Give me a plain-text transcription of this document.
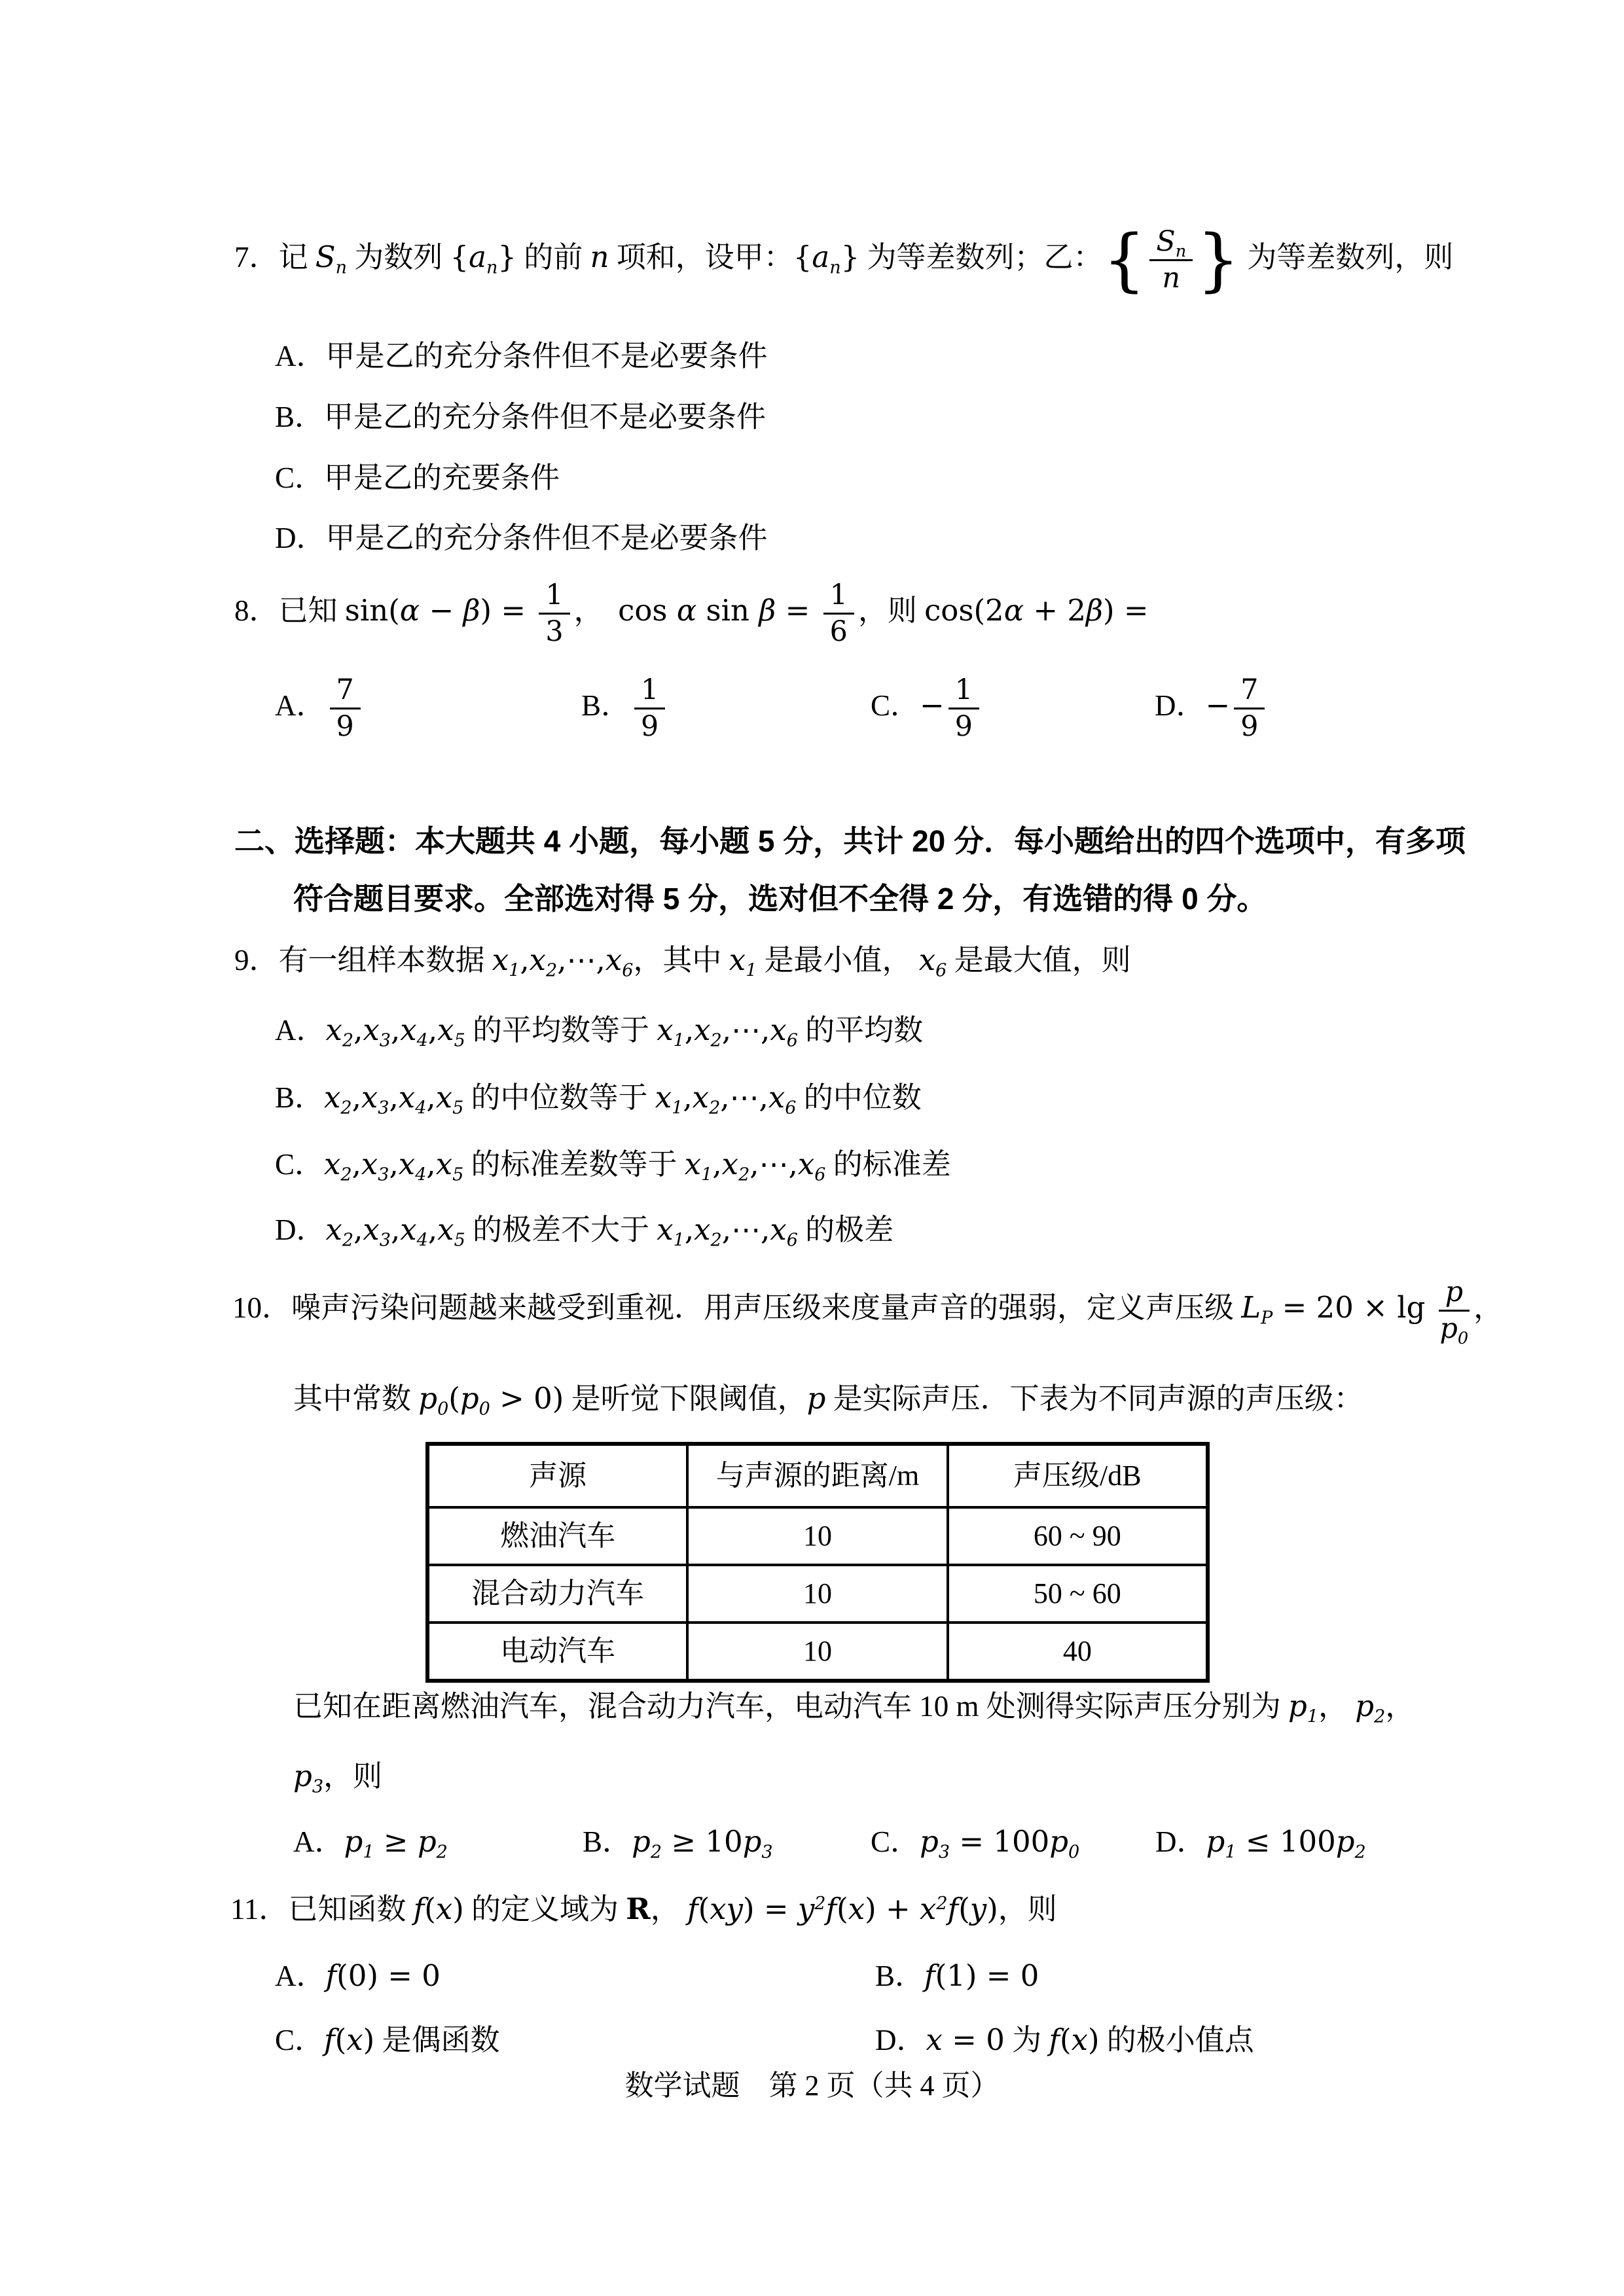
7．记 $S_n$ 为数列 $\{a_n\}$ 的前 n 项和，设甲：$\{a_n\}$ 为等差数列；乙：{ $\frac{S_n}{n}$ } 为等差数列，则
A．甲是乙的充分条件但不是必要条件
B．甲是乙的充分条件但不是必要条件
C．甲是乙的充要条件
D．甲是乙的充分条件但不是必要条件
8．已知 $\sin(\alpha - \beta) = \frac{1}{3}$ ，  cos α $\sin \beta = \frac{1}{6}$ ，则 cos(2α + 2β) =
A． $\frac{7}{9}$	B． $\frac{1}{9}$	C．− $\frac{1}{9}$	D．− $\frac{7}{9}$
二、选择题：本大题共 4 小题，每小题 5 分，共计 20 分．每小题给出的四个选项中，有多项
符合题目要求。全部选对得 5 分，选对但不全得 2 分，有选错的得 0 分。
9．有一组样本数据 $x_1,x_2,\cdots,x_6$，其中 $x_1$ 是最小值， $x_6$ 是最大值，则
A．$x_2,x_3,x_4,x_5$ 的平均数等于 $x_1,x_2,\cdots,x_6$ 的平均数
B．$x_2,x_3,x_4,x_5$ 的中位数等于 $x_1,x_2,\cdots,x_6$ 的中位数
C．$x_2,x_3,x_4,x_5$ 的标准差数等于 $x_1,x_2,\cdots,x_6$ 的标准差
D．$x_2,x_3,x_4,x_5$ 的极差不大于 $x_1,x_2,\cdots,x_6$ 的极差
10．噪声污染问题越来越受到重视．用声压级来度量声音的强弱，定义声压级 $L_P = 20 \times \lg \frac{p}{p_0}$ ，
其中常数 $p_0(p_0 > 0)$ 是听觉下限阈值，p 是实际声压．下表为不同声源的声压级：
声源	与声源的距离/m	声压级/dB
燃油汽车	10	60 ~ 90
混合动力汽车	10	50 ~ 60
电动汽车	10	40
已知在距离燃油汽车，混合动力汽车，电动汽车 10 m 处测得实际声压分别为 $p_1$， $p_2$，
$p_3$，则
A．$p_1 \ge p_2$	B．$p_2 \ge 10p_3$	C．$p_3 = 100p_0$	D．$p_1 \le 100p_2$
11．已知函数 f(x) 的定义域为 R， $f(xy) = y^2f(x) + x^2f(y)$，则
A．f(0) = 0	B．f(1) = 0
C．f(x) 是偶函数	D．x = 0 为 f(x) 的极小值点
数学试题　第 2 页（共 4 页）
